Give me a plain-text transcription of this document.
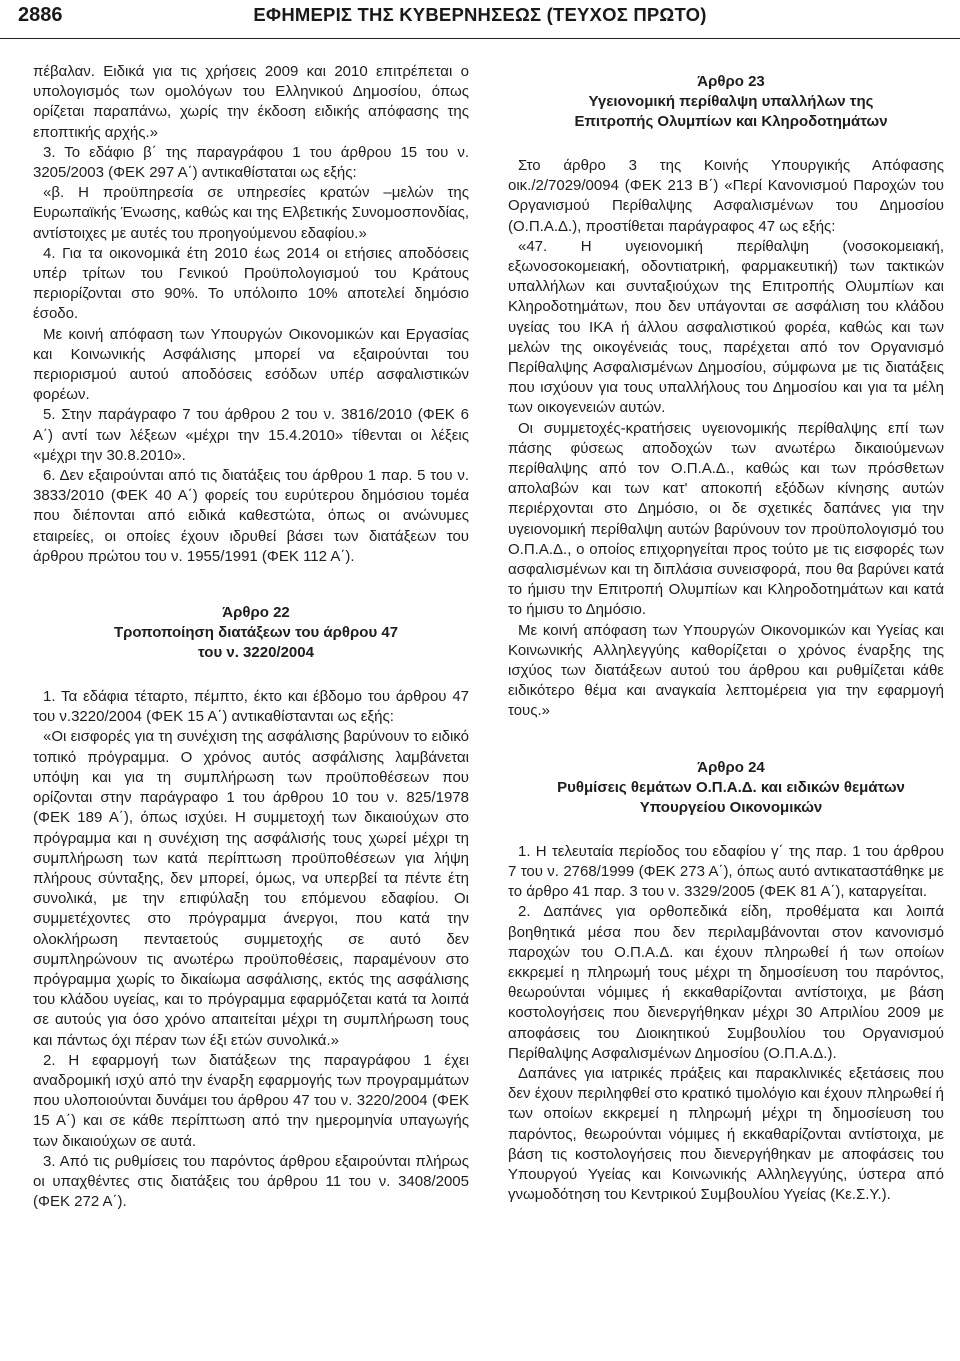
2886	ΕΦΗΜΕΡΙΣ ΤΗΣ ΚΥΒΕΡΝΗΣΕΩΣ (ΤΕΥΧΟΣ ΠΡΩΤΟ)

πέβαλαν. Ειδικά για τις χρήσεις 2009 και 2010 επιτρέπεται ο υπολογισμός των ομολόγων του Ελληνικού Δημοσίου, όπως ορίζεται παραπάνω, χωρίς την έκδοση ειδικής απόφασης της εποπτικής αρχής.»

3. Το εδάφιο β΄ της παραγράφου 1 του άρθρου 15 του ν. 3205/2003 (ΦΕΚ 297 Α΄) αντικαθίσταται ως εξής:

«β. Η προϋπηρεσία σε υπηρεσίες κρατών –μελών της Ευρωπαϊκής Ένωσης, καθώς και της Ελβετικής Συνομοσπονδίας, αντίστοιχες με αυτές του προηγούμενου εδαφίου.»

4. Για τα οικονομικά έτη 2010 έως 2014 οι ετήσιες αποδόσεις υπέρ τρίτων του Γενικού Προϋπολογισμού του Κράτους περιορίζονται στο 90%. Το υπόλοιπο 10% αποτελεί δημόσιο έσοδο.

Με κοινή απόφαση των Υπουργών Οικονομικών και Εργασίας και Κοινωνικής Ασφάλισης μπορεί να εξαιρούνται του περιορισμού αυτού αποδόσεις εσόδων υπέρ ασφαλιστικών φορέων.

5. Στην παράγραφο 7 του άρθρου 2 του ν. 3816/2010 (ΦΕΚ 6 Α΄) αντί των λέξεων «μέχρι την 15.4.2010» τίθενται οι λέξεις «μέχρι την 30.8.2010».

6. Δεν εξαιρούνται από τις διατάξεις του άρθρου 1 παρ. 5 του ν. 3833/2010 (ΦΕΚ 40 Α΄) φορείς του ευρύτερου δημόσιου τομέα που διέπονται από ειδικά καθεστώτα, όπως οι ανώνυμες εταιρείες, οι οποίες έχουν ιδρυθεί βάσει των διατάξεων του άρθρου πρώτου του ν. 1955/1991 (ΦΕΚ 112 Α΄).

Άρθρο 22

Τροποποίηση διατάξεων του άρθρου 47

του ν. 3220/2004

1. Τα εδάφια τέταρτο, πέμπτο, έκτο και έβδομο του άρθρου 47 του ν.3220/2004 (ΦΕΚ 15 Α΄) αντικαθίστανται ως εξής:

«Οι εισφορές για τη συνέχιση της ασφάλισης βαρύνουν το ειδικό τοπικό πρόγραμμα. Ο χρόνος αυτός ασφάλισης λαμβάνεται υπόψη και για τη συμπλήρωση των προϋποθέσεων που ορίζονται στην παράγραφο 1 του άρθρου 10 του ν. 825/1978 (ΦΕΚ 189 Α΄), όπως ισχύει. Η συμμετοχή των δικαιούχων στο πρόγραμμα και η συνέχιση της ασφάλισής τους χωρεί μέχρι τη συμπλήρωση των κατά περίπτωση προϋποθέσεων για λήψη πλήρους σύνταξης, δεν μπορεί, όμως, να υπερβεί τα πέντε έτη συνολικά, με την επιφύλαξη του επόμενου εδαφίου. Οι συμμετέχοντες στο πρόγραμμα άνεργοι, που κατά την ολοκλήρωση πενταετούς συμμετοχής σε αυτό δεν συμπληρώνουν τις ανωτέρω προϋποθέσεις, παραμένουν στο πρόγραμμα χωρίς το δικαίωμα ασφάλισης, εκτός της ασφάλισης του κλάδου υγείας, και το πρόγραμμα εφαρμόζεται κατά τα λοιπά σε αυτούς για όσο χρόνο απαιτείται μέχρι τη συμπλήρωση τους και πάντως όχι πέραν των έξι ετών συνολικά.»

2. Η εφαρμογή των διατάξεων της παραγράφου 1 έχει αναδρομική ισχύ από την έναρξη εφαρμογής των προγραμμάτων που υλοποιούνται δυνάμει του άρθρου 47 του ν. 3220/2004 (ΦΕΚ 15 Α΄) και σε κάθε περίπτωση από την ημερομηνία υπαγωγής των δικαιούχων σε αυτά.

3. Από τις ρυθμίσεις του παρόντος άρθρου εξαιρούνται πλήρως οι υπαχθέντες στις διατάξεις του άρθρου 11 του ν. 3408/2005 (ΦΕΚ 272 Α΄).

Άρθρο 23

Υγειονομική περίθαλψη υπαλλήλων της

Επιτροπής Ολυμπίων και Κληροδοτημάτων

Στο άρθρο 3 της Κοινής Υπουργικής Απόφασης οικ./2/7029/0094 (ΦΕΚ 213 Β΄) «Περί Κανονισμού Παροχών του Οργανισμού Περίθαλψης Ασφαλισμένων του Δημοσίου (Ο.Π.Α.Δ.), προστίθεται παράγραφος 47 ως εξής:

«47. Η υγειονομική περίθαλψη (νοσοκομειακή, εξωνοσοκομειακή, οδοντιατρική, φαρμακευτική) των τακτικών υπαλλήλων και συνταξιούχων της Επιτροπής Ολυμπίων και Κληροδοτημάτων, που δεν υπάγονται σε ασφάλιση του κλάδου υγείας του ΙΚΑ ή άλλου ασφαλιστικού φορέα, καθώς και των μελών της οικογένειάς τους, παρέχεται από τον Οργανισμό Περίθαλψης Ασφαλισμένων Δημοσίου, σύμφωνα με τις διατάξεις που ισχύουν για τους υπαλλήλους του Δημοσίου και για τα μέλη των οικογενειών αυτών.

Οι συμμετοχές-κρατήσεις υγειονομικής περίθαλψης επί των πάσης φύσεως αποδοχών των ανωτέρω δικαιούμενων περίθαλψης από τον Ο.Π.Α.Δ., καθώς και των πρόσθετων απολαβών και των κατ' αποκοπή εξόδων κίνησης αυτών περιέρχονται στο Δημόσιο, οι δε σχετικές δαπάνες για την υγειονομική περίθαλψη αυτών βαρύνουν τον προϋπολογισμό του Ο.Π.Α.Δ., ο οποίος επιχορηγείται προς τούτο με τις εισφορές των ασφαλισμένων και τη διπλάσια συνεισφορά, που θα βαρύνει κατά το ήμισυ την Επιτροπή Ολυμπίων και Κληροδοτημάτων και κατά το ήμισυ το Δημόσιο.

Με κοινή απόφαση των Υπουργών Οικονομικών και Υγείας και Κοινωνικής Αλληλεγγύης καθορίζεται ο χρόνος έναρξης της ισχύος των διατάξεων αυτού του άρθρου και ρυθμίζεται κάθε ειδικότερο θέμα και αναγκαία λεπτομέρεια για την εφαρμογή τους.»

Άρθρο 24

Ρυθμίσεις θεμάτων Ο.Π.Α.Δ. και ειδικών θεμάτων

Υπουργείου Οικονομικών

1. Η τελευταία περίοδος του εδαφίου γ΄ της παρ. 1 του άρθρου 7 του ν. 2768/1999 (ΦΕΚ 273 Α΄), όπως αυτό αντικαταστάθηκε με το άρθρο 41 παρ. 3 του ν. 3329/2005 (ΦΕΚ 81 Α΄), καταργείται.

2. Δαπάνες για ορθοπεδικά είδη, προθέματα και λοιπά βοηθητικά μέσα που δεν περιλαμβάνονται στον κανονισμό παροχών του Ο.Π.Α.Δ. και έχουν πληρωθεί ή των οποίων εκκρεμεί η πληρωμή τους μέχρι τη δημοσίευση του παρόντος, θεωρούνται νόμιμες ή εκκαθαρίζονται αντίστοιχα, με βάση κοστολογήσεις που διενεργήθηκαν μέχρι 30 Απριλίου 2009 με αποφάσεις του Διοικητικού Συμβουλίου του Οργανισμού Περίθαλψης Ασφαλισμένων Δημοσίου (Ο.Π.Α.Δ.).

Δαπάνες για ιατρικές πράξεις και παρακλινικές εξετάσεις που δεν έχουν περιληφθεί στο κρατικό τιμολόγιο και έχουν πληρωθεί ή των οποίων εκκρεμεί η πληρωμή μέχρι τη δημοσίευση του παρόντος, θεωρούνται νόμιμες ή εκκαθαρίζονται αντίστοιχα, με βάση τις κοστολογήσεις που διενεργήθηκαν με αποφάσεις του Υπουργού Υγείας και Κοινωνικής Αλληλεγγύης, ύστερα από γνωμοδότηση του Κεντρικού Συμβουλίου Υγείας (Κε.Σ.Υ.).
